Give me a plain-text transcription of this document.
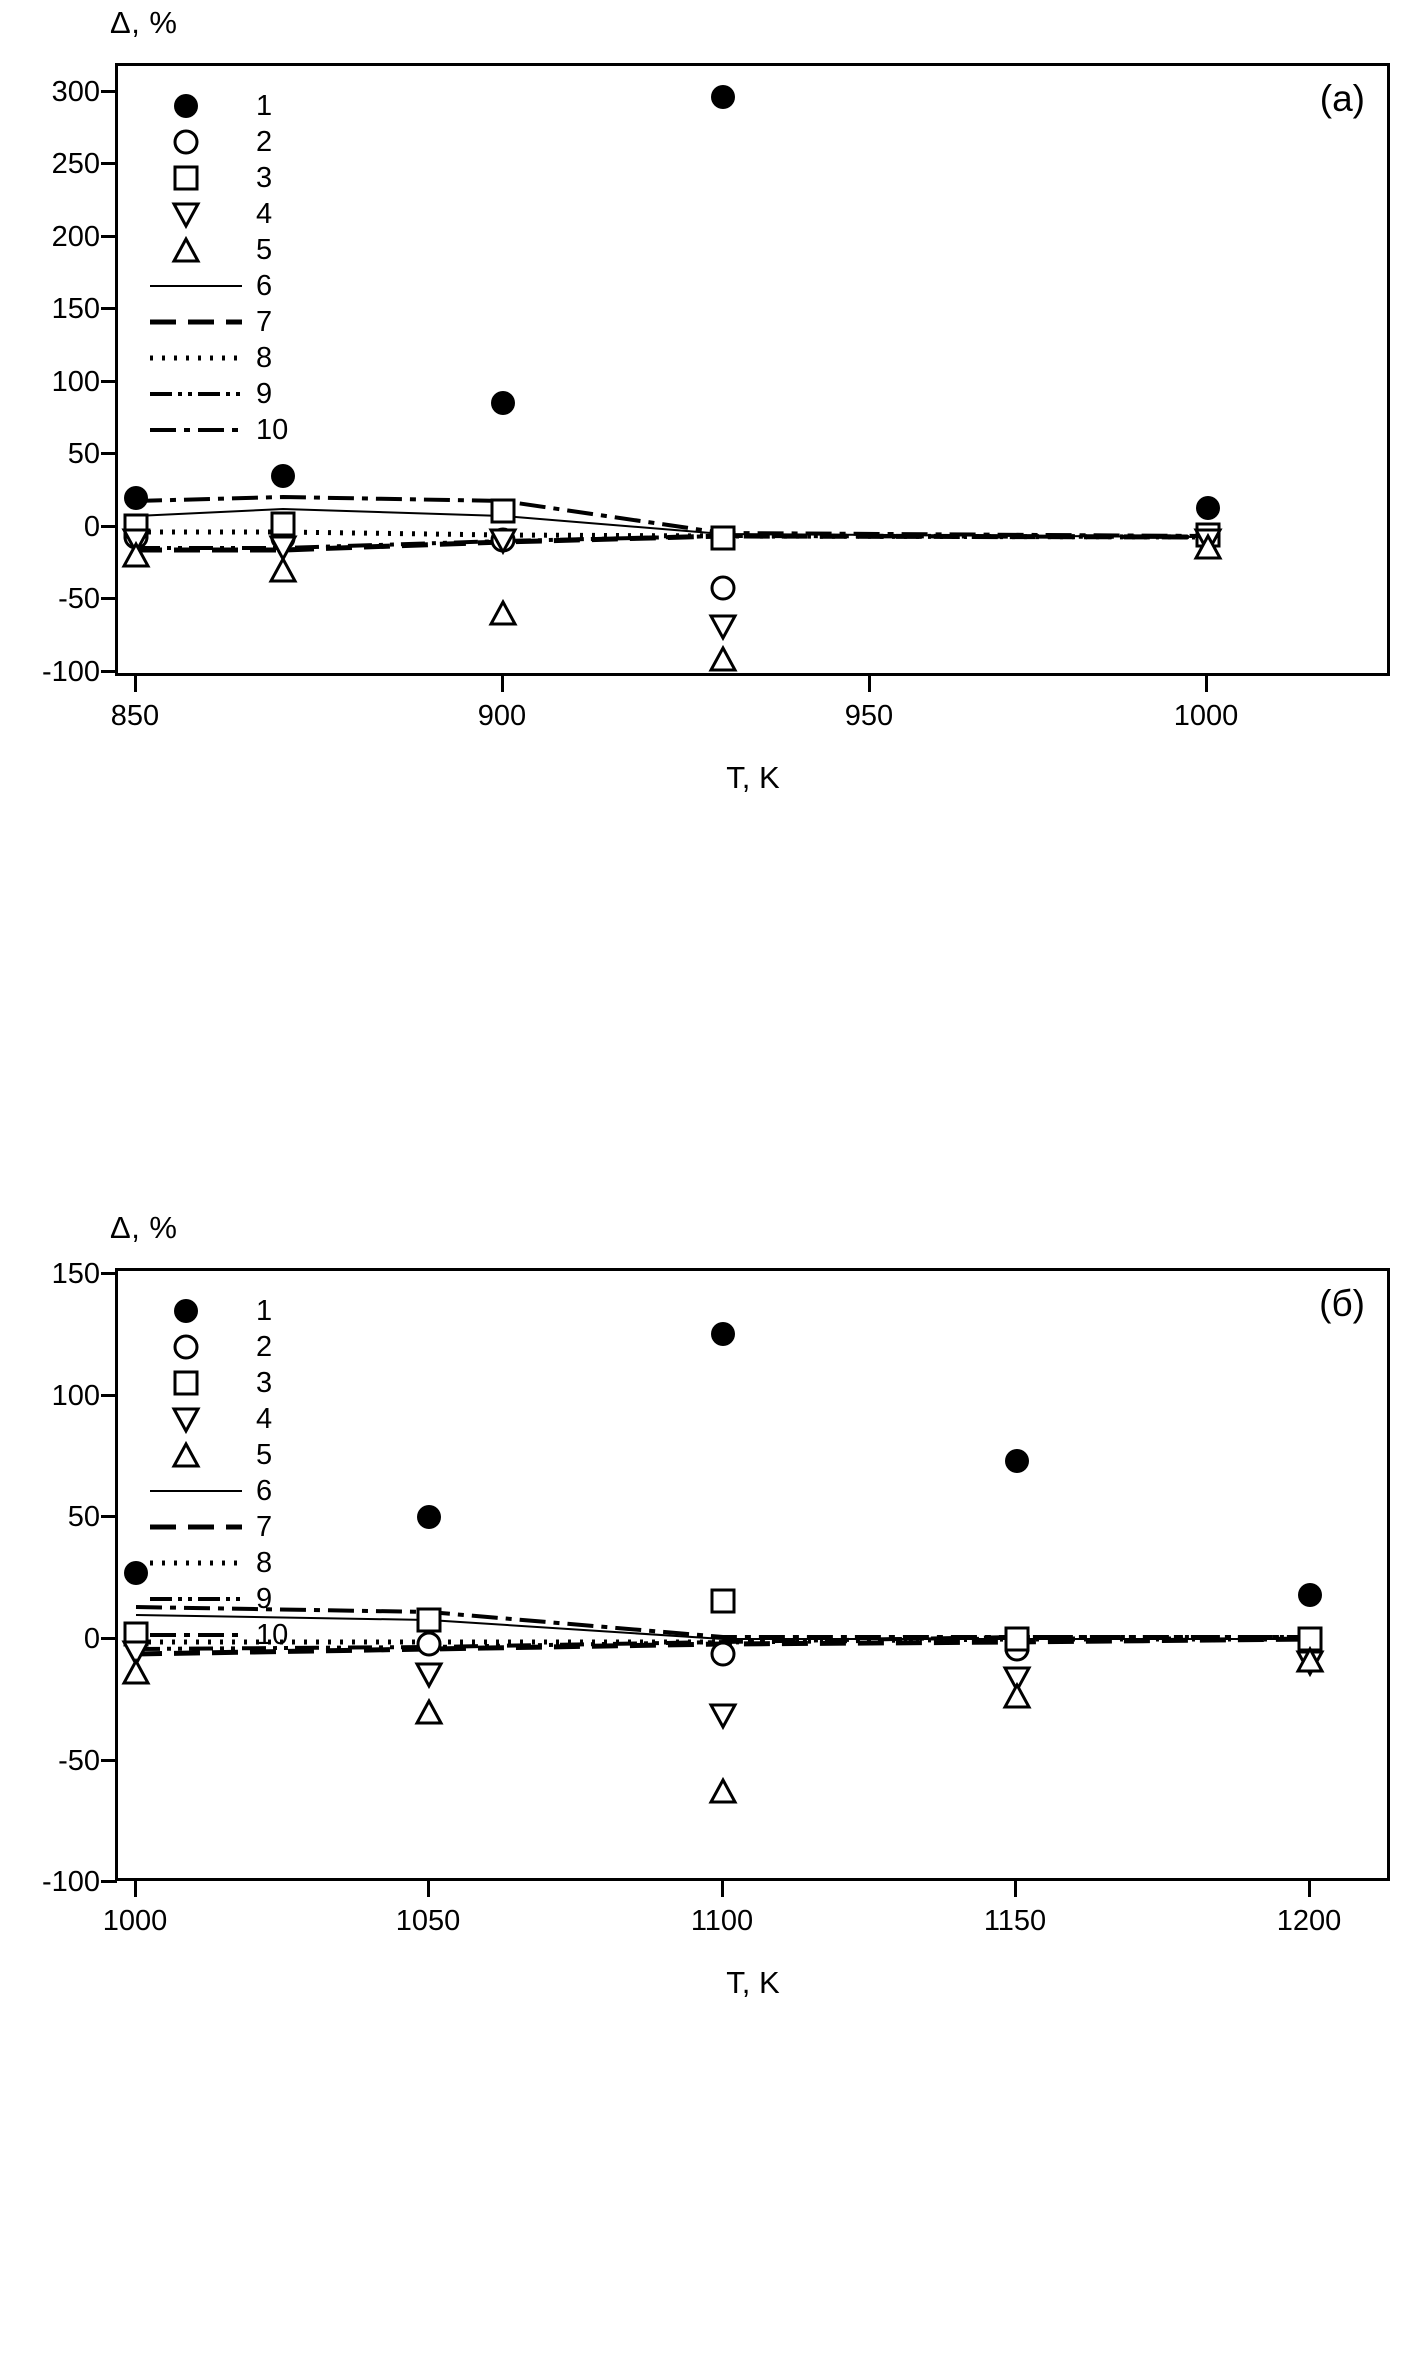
Δ, %
(а)
1
2
3
4
5
6
7
8
9
10
300
250
200
150
100
50
0
-50
-100
850	900	950	1000
T, K
Δ, %
(б)
1
2
3
4
5
6
7
8
9
10
150
100
50
0
-50
-100
1000	1050	1100	1150	1200
T, K
